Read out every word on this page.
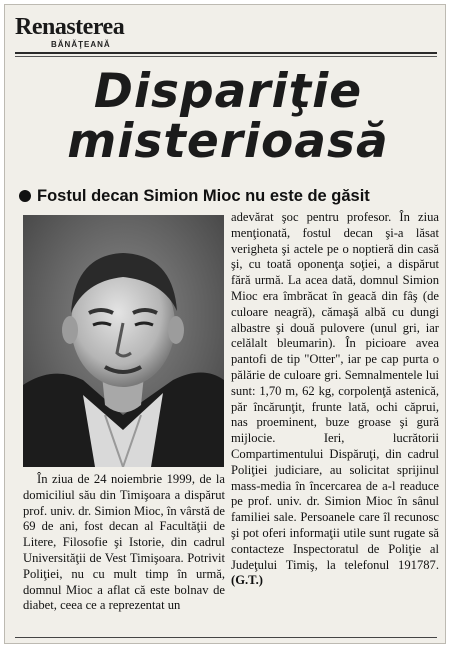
Renasterea
BĂNĂŢEANĂ
Dispariţie misterioasă
Fostul decan Simion Mioc nu este de găsit

În ziua de 24 noiembrie 1999, de la domiciliul său din Timişoara a dispărut prof. univ. dr. Simion Mioc, în vârstă de 69 de ani, fost decan al Facultăţii de Litere, Filosofie şi Istorie, din cadrul Universităţii de Vest Timişoara. Potrivit Poliţiei, nu cu mult timp în urmă, domnul Mioc a aflat că este bolnav de diabet, ceea ce a reprezentat un

adevărat şoc pentru profesor. În ziua menţionată, fostul decan şi-a lăsat verigheta şi actele pe o noptieră din casă şi, cu toată oponenţa soţiei, a dispărut fără urmă. La acea dată, domnul Simion Mioc era îmbrăcat în geacă din fâş (de culoare neagră), cămaşă albă cu dungi albastre şi două pulovere (unul gri, iar celălalt bleumarin). În picioare avea pantofi de tip "Otter", iar pe cap purta o pălărie de culoare gri. Semnalmentele lui sunt: 1,70 m, 62 kg, corpolenţă astenică, păr încărunţit, frunte lată, ochi căprui, nas proeminent, buze groase şi gură mijlocie. Ieri, lucrătorii Compartimentului Dispăruţi, din cadrul Poliţiei judiciare, au solicitat sprijinul mass-media în încercarea de a-l readuce pe prof. univ. dr. Simion Mioc în sânul familiei sale. Persoanele care îl recunosc şi pot oferi informaţii utile sunt rugate să contacteze Inspectoratul de Poliţie al Judeţului Timiş, la telefonul 191787. (G.T.)
